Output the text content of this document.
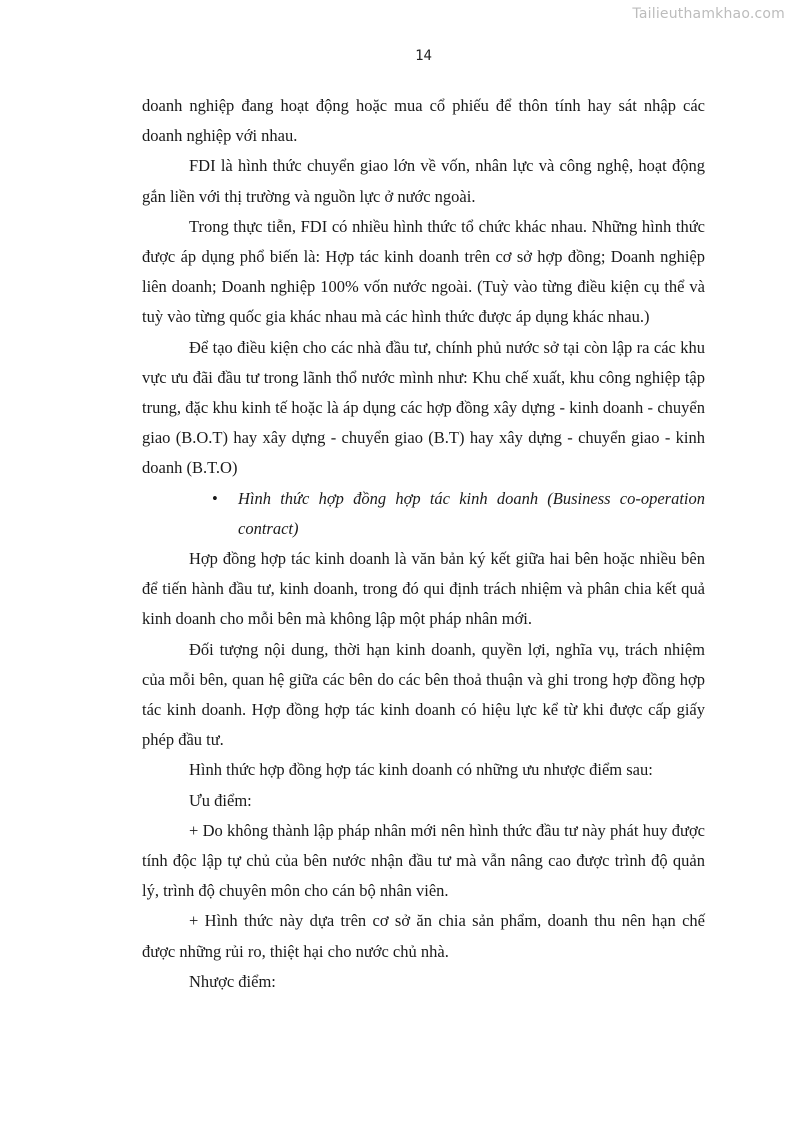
Tailieuthamkhao.com
14

doanh nghiệp đang hoạt động hoặc mua cổ phiếu để thôn tính hay sát nhập các doanh nghiệp với nhau.

FDI là hình thức chuyển giao lớn về vốn, nhân lực và công nghệ, hoạt động gắn liền với thị trường và nguồn lực ở nước ngoài.

Trong thực tiễn, FDI có nhiều hình thức tổ chức khác nhau. Những hình thức được áp dụng phổ biến là: Hợp tác kinh doanh trên cơ sở hợp đồng; Doanh nghiệp liên doanh; Doanh nghiệp 100% vốn nước ngoài. (Tuỳ vào từng điều kiện cụ thể và tuỳ vào từng quốc gia khác nhau mà các hình thức được áp dụng khác nhau.)

Để tạo điều kiện cho các nhà đầu tư, chính phủ nước sở tại còn lập ra các khu vực ưu đãi đầu tư trong lãnh thổ nước mình như: Khu chế xuất, khu công nghiệp tập trung, đặc khu kinh tế hoặc là áp dụng các hợp đồng xây dựng - kinh doanh - chuyển giao (B.O.T) hay xây dựng - chuyển giao (B.T) hay xây dựng - chuyển giao - kinh doanh (B.T.O)

• Hình thức hợp đồng hợp tác kinh doanh (Business co-operation contract)

Hợp đồng hợp tác kinh doanh là văn bản ký kết giữa hai bên hoặc nhiều bên để tiến hành đầu tư, kinh doanh, trong đó qui định trách nhiệm và phân chia kết quả kinh doanh cho mỗi bên mà không lập một pháp nhân mới.

Đối tượng nội dung, thời hạn kinh doanh, quyền lợi, nghĩa vụ, trách nhiệm của mỗi bên, quan hệ giữa các bên do các bên thoả thuận và ghi trong hợp đồng hợp tác kinh doanh. Hợp đồng hợp tác kinh doanh có hiệu lực kể từ khi được cấp giấy phép đầu tư.

Hình thức hợp đồng hợp tác kinh doanh có những ưu nhược điểm sau:

Ưu điểm:

+ Do không thành lập pháp nhân mới nên hình thức đầu tư này phát huy được tính độc lập tự chủ của bên nước nhận đầu tư mà vẫn nâng cao được trình độ quản lý, trình độ chuyên môn cho cán bộ nhân viên.

+ Hình thức này dựa trên cơ sở ăn chia sản phẩm, doanh thu nên hạn chế được những rủi ro, thiệt hại cho nước chủ nhà.

Nhược điểm:
